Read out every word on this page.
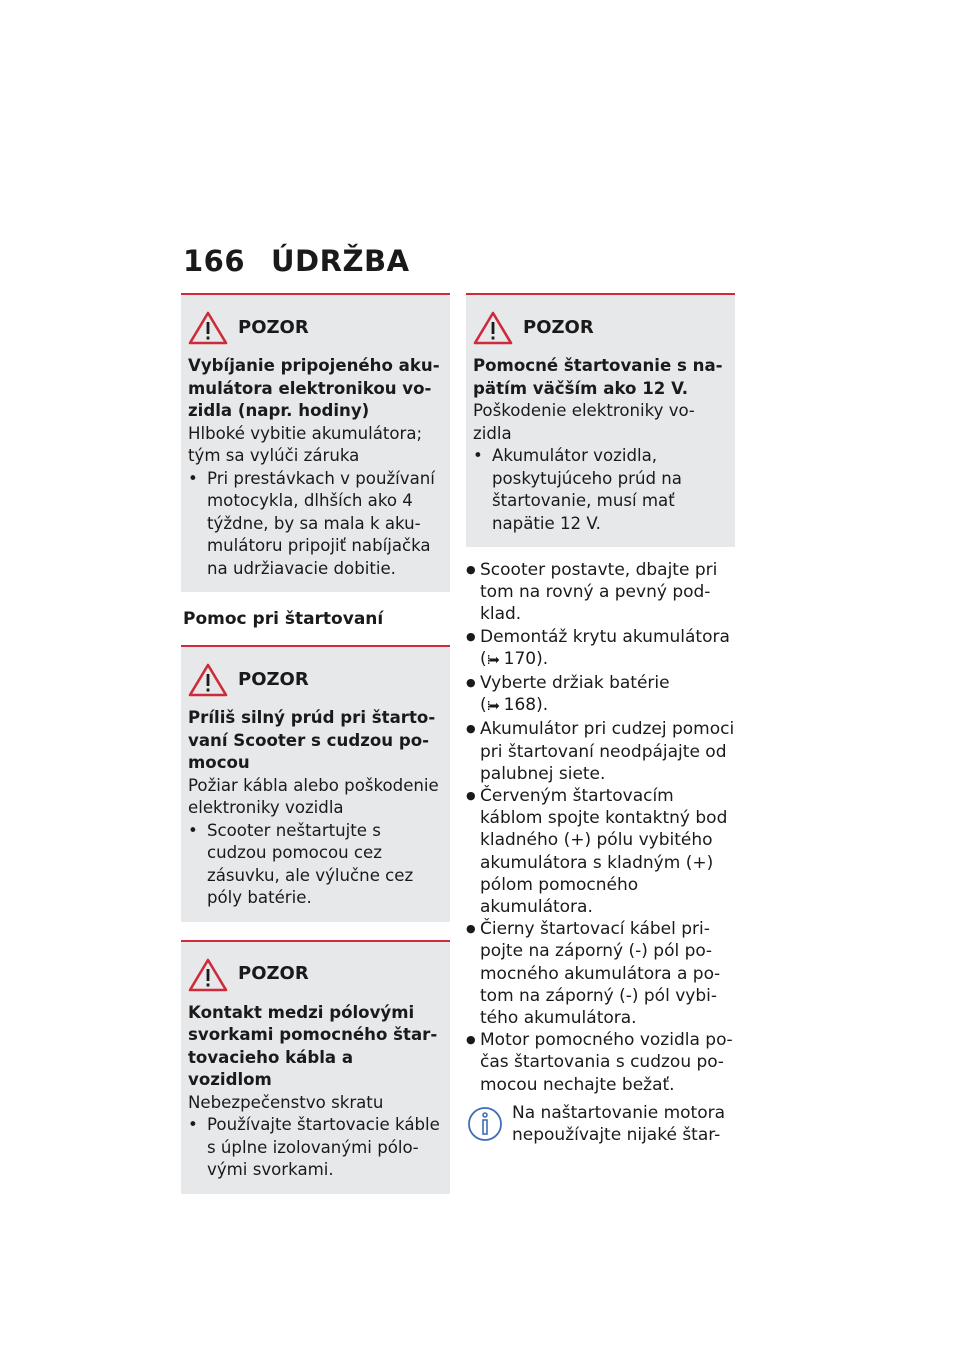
166 ÚDRŽBA
POZOR
Vybíjanie pripojeného akumulátora elektronikou vozidla (napr. hodiny)
Hlboké vybitie akumulátora; tým sa vylúči záruka
• Pri prestávkach v používaní motocykla, dlhších ako 4 týždne, by sa mala k akumulátoru pripojiť nabíjačka na udržiavacie dobitie.
Pomoc pri štartovaní
POZOR
Príliš silný prúd pri štartovaní Scooter s cudzou pomocou
Požiar kábla alebo poškodenie elektroniky vozidla
• Scooter neštartujte s cudzou pomocou cez zásuvku, ale výlučne cez póly batérie.
POZOR
Kontakt medzi pólovými svorkami pomocného štartovacieho kábla a vozidlom
Nebezpečenstvo skratu
• Používajte štartovacie káble s úplne izolovanými pólovými svorkami.
POZOR
Pomocné štartovanie s napätím väčším ako 12 V.
Poškodenie elektroniky vozidla
• Akumulátor vozidla, poskytujúceho prúd na štartovanie, musí mať napätie 12 V.
● Scooter postavte, dbajte pri tom na rovný a pevný podklad.
● Demontáž krytu akumulátora
(⁞➡ 170).
● Vyberte držiak batérie
(⁞➡ 168).
● Akumulátor pri cudzej pomoci pri štartovaní neodpájajte od palubnej siete.
● Červeným štartovacím káblom spojte kontaktný bod kladného (+) pólu vybitého akumulátora s kladným (+) pólom pomocného akumulátora.
● Čierny štartovací kábel pripojte na záporný (-) pól pomocného akumulátora a potom na záporný (-) pól vybitého akumulátora.
● Motor pomocného vozidla počas štartovania s cudzou pomocou nechajte bežať.
Na naštartovanie motora nepoužívajte nijaké štar-
